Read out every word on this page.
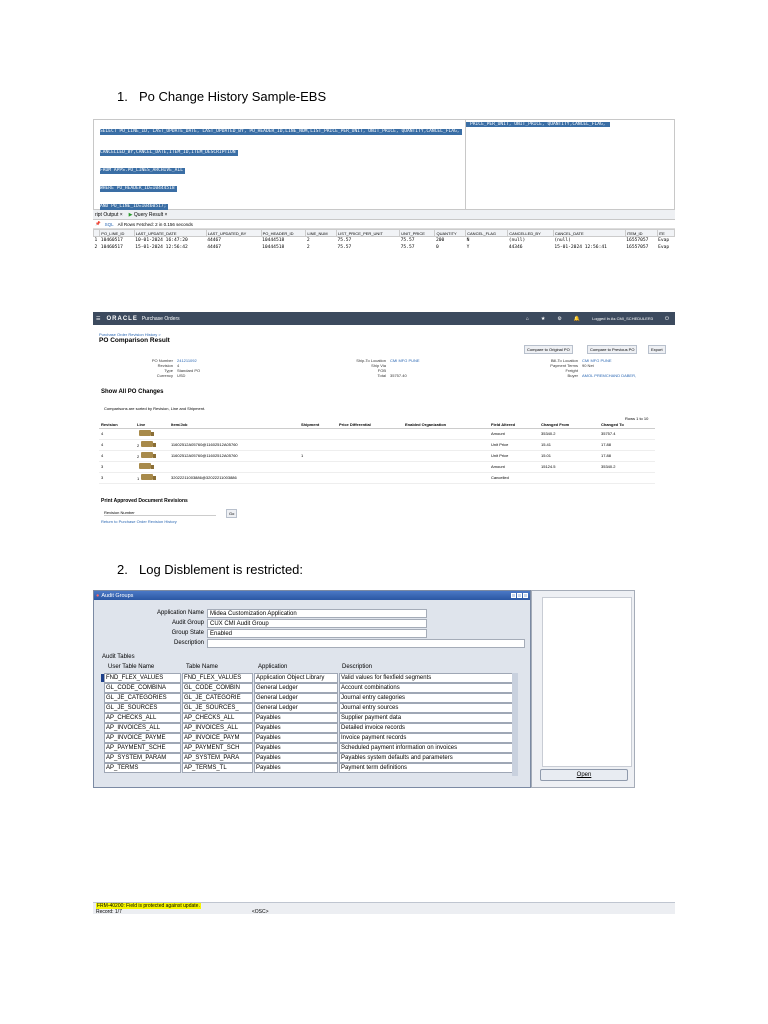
1. Po Change History Sample-EBS
2. Log Disblement is restricted:
SELECT PO_LINE_ID, LAST_UPDATE_DATE, LAST_UPDATED_BY, PO_HEADER_ID,LINE_NUM,LIST_PRICE_PER_UNIT, UNIT_PRICE, QUANTITY,CANCEL_FLAG,
CANCELLED_BY,CANCEL_DATE,ITEM_ID,ITEM_DESCRIPTION
FROM APPS.PO_LINES_ARCHIVE_ALL
WHERE PO_HEADER_ID=10444518
AND PO_LINE_ID=10460517;
PRICE_PER_UNIT, UNIT_PRICE, QUANTITY,CANCEL_FLAG,
ript Output × ▶ Query Result ×
📌 SQL All Rows Fetched: 2 in 0.156 seconds
	PO_LINE_ID	LAST_UPDATE_DATE	LAST_UPDATED_BY	PO_HEADER_ID	LINE_NUM	LIST_PRICE_PER_UNIT	UNIT_PRICE	QUANTITY	CANCEL_FLAG	CANCELLED_BY	CANCEL_DATE	ITEM_ID	ITE
1	10460517	10-01-2024 16:47:20	44467	10444518	2	75.57	75.57	200	N	(null)	(null)	16557057	Evap
2	10460517	15-01-2024 12:56:42	44467	10444518	2	75.57	75.57	0	Y	44346	15-01-2024 12:56:41	16557057	Evap
☰ ORACLE Purchase Orders	⌂ ★ ⚙ 🔔	Logged In As CMI_SCHEDULER3 ⏻
Purchase Order Revision History >
PO Comparison Result
Compare to Original PO	Compare to Previous PO	Export
PO Number 241211092
Revision 4
Type Standard PO
Currency USD
Ship-To Location CMI MFG PUNE
Ship Via
FOB
Total 35757.40
Bill-To Location CMI MFG PUNE
Payment Terms 90 Net
Freight
Buyer AMOL PREMCHAND DABER,
Show All PO Changes
Comparisons are sorted by Revision, Line and Shipment.
Rows 1 to 10
Revision	Line	Item/Job	Shipment	Price Differential	Enabled Organization	Field Altered	Changed From	Changed To
4						Amount	35340.2	35757.4
4	2	11602512A05760@11602512A05760				Unit Price	15.41	17.88
4	2	11602512A05760@11602512A05760	1			Unit Price	15.01	17.88
3						Amount	15124.5	35340.2
3	1	32022211003886@32022211003886				Cancelled		
Print Approved Document Revisions
Revision Number	Go
Return to Purchase Order Revision History
● Audit Groups
Application Name	Midea Customization Application
Audit Group	CUX CMI Audit Group
Group State	Enabled
Description
Audit Tables
User Table Name	Table Name	Application	Description
FND_FLEX_VALUES	FND_FLEX_VALUES	Application Object Library	Valid values for flexfield segments
GL_CODE_COMBINA	GL_CODE_COMBIN	General Ledger	Account combinations
GL_JE_CATEGORIES	GL_JE_CATEGORIE	General Ledger	Journal entry categories
GL_JE_SOURCES	GL_JE_SOURCES_	General Ledger	Journal entry sources
AP_CHECKS_ALL	AP_CHECKS_ALL	Payables	Supplier payment data
AP_INVOICES_ALL	AP_INVOICES_ALL	Payables	Detailed invoice records
AP_INVOICE_PAYME	AP_INVOICE_PAYM	Payables	Invoice payment records
AP_PAYMENT_SCHE	AP_PAYMENT_SCH	Payables	Scheduled payment information on invoices
AP_SYSTEM_PARAM	AP_SYSTEM_PARA	Payables	Payables system defaults and parameters
AP_TERMS	AP_TERMS_TL	Payables	Payment term definitions
Open
FRM-40200: Field is protected against update.
Record: 1/7	<OSC>
